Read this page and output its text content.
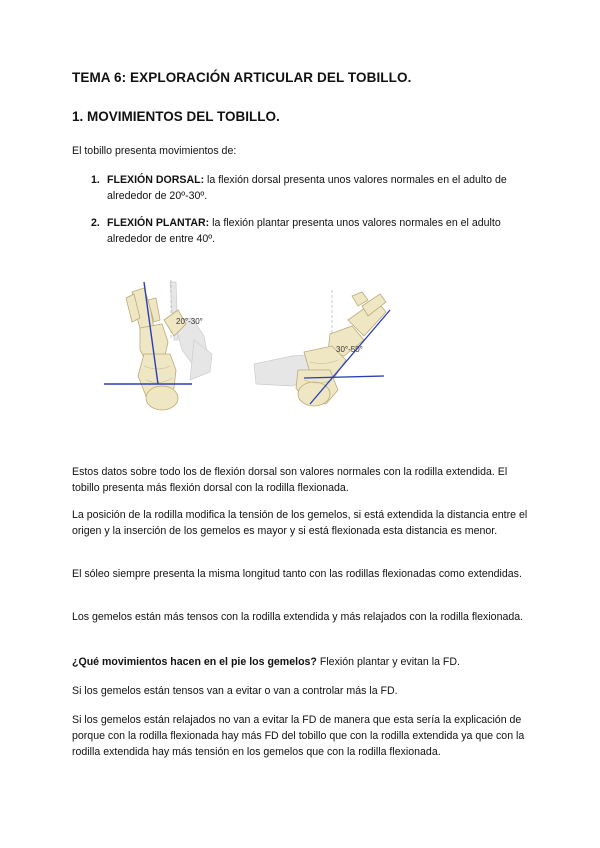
TEMA 6: EXPLORACIÓN ARTICULAR DEL TOBILLO.
1. MOVIMIENTOS DEL TOBILLO.
El tobillo presenta movimientos de:
1. FLEXIÓN DORSAL: la flexión dorsal presenta unos valores normales en el adulto de alrededor de 20º-30º.
2. FLEXIÓN PLANTAR: la flexión plantar presenta unos valores normales en el adulto alrededor de entre 40º.
20°-30°
30°-50°
Estos datos sobre todo los de flexión dorsal son valores normales con la rodilla extendida. El tobillo presenta más flexión dorsal con la rodilla flexionada.
La posición de la rodilla modifica la tensión de los gemelos, si está extendida la distancia entre el origen y la inserción de los gemelos es mayor y si está flexionada esta distancia es menor.
El sóleo siempre presenta la misma longitud tanto con las rodillas flexionadas como extendidas.
Los gemelos están más tensos con la rodilla extendida y más relajados con la rodilla flexionada.
¿Qué movimientos hacen en el pie los gemelos? Flexión plantar y evitan la FD.
Si los gemelos están tensos van a evitar o van a controlar más la FD.
Si los gemelos están relajados no van a evitar la FD de manera que esta sería la explicación de porque con la rodilla flexionada hay más FD del tobillo que con la rodilla extendida ya que con la rodilla extendida hay más tensión en los gemelos que con la rodilla flexionada.
